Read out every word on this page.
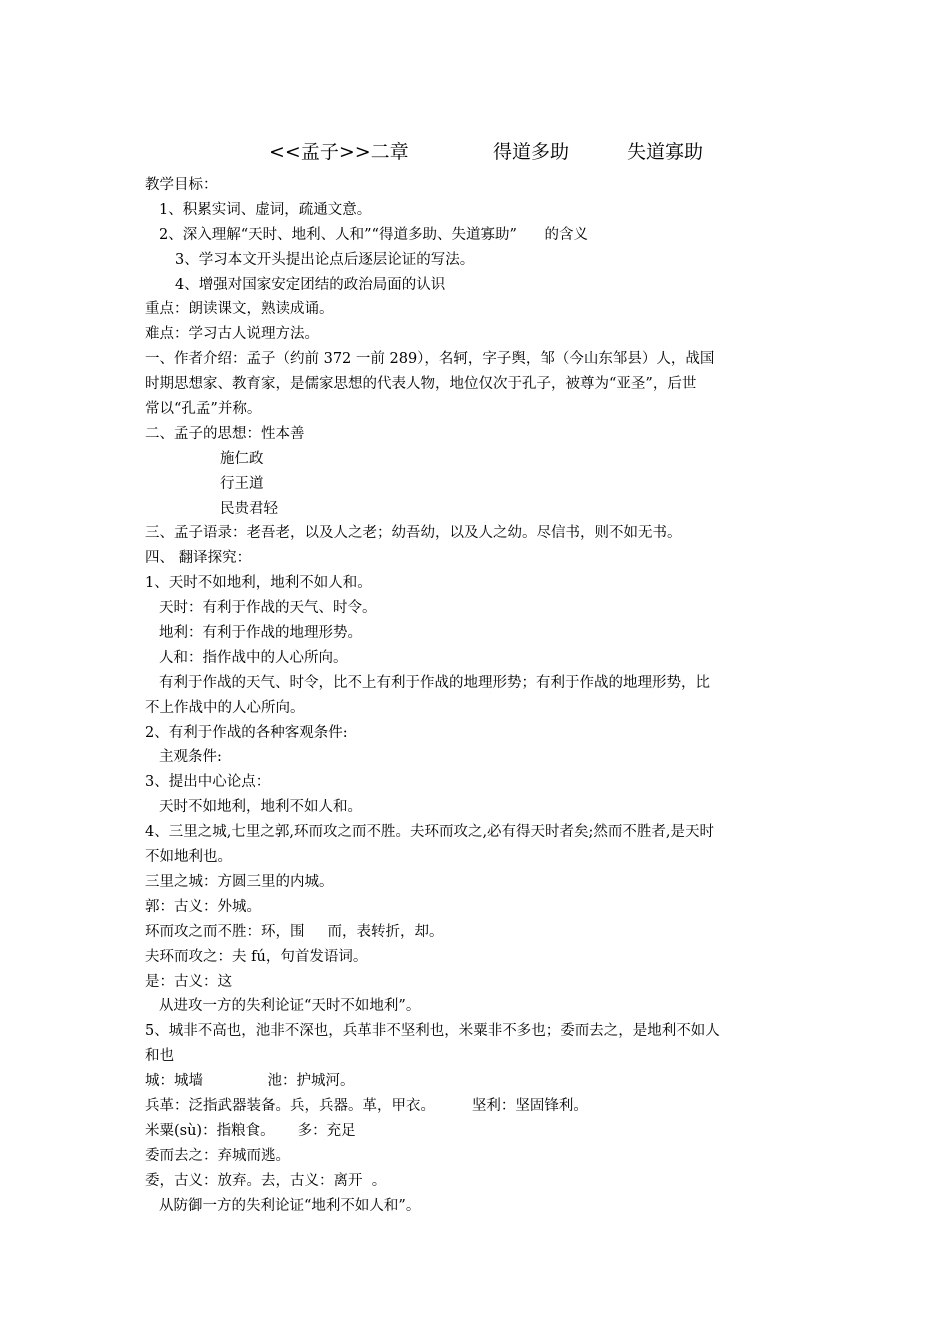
<<孟子>>二章

	得道多助

	失道寡助

教学目标：
1、积累实词、虚词，疏通文意。
2、深入理解“天时、地利、人和”“得道多助、失道寡助”      的含义
3、学习本文开头提出论点后逐层论证的写法。
4、增强对国家安定团结的政治局面的认识
重点：朗读课文，熟读成诵。
难点：学习古人说理方法。
一、作者介绍：孟子（约前 372 一前 289），名轲，字子舆，邹（今山东邹县）人，战国
时期思想家、教育家，是儒家思想的代表人物，地位仅次于孔子，被尊为“亚圣”，后世
常以“孔孟”并称。
二、孟子的思想：性本善
施仁政
行王道
民贵君轻
三、孟子语录：老吾老，以及人之老；幼吾幼，以及人之幼。尽信书，则不如无书。
四、 翻译探究：
1、天时不如地利，地利不如人和。
天时：有利于作战的天气、时令。
地利：有利于作战的地理形势。
人和：指作战中的人心所向。
有利于作战的天气、时令，比不上有利于作战的地理形势；有利于作战的地理形势，比
不上作战中的人心所向。
2、有利于作战的各种客观条件:
主观条件:
3、提出中心论点：
天时不如地利，地利不如人和。
4、三里之城,七里之郭,环而攻之而不胜。夫环而攻之,必有得天时者矣;然而不胜者,是天时
不如地利也。
三里之城：方圆三里的内城。
郭：古义：外城。
环而攻之而不胜：环，围     而，表转折，却。
夫环而攻之：夫 fú，句首发语词。
是：古义：这
从进攻一方的失利论证“天时不如地利”。
5、城非不高也，池非不深也，兵革非不坚利也，米粟非不多也；委而去之，是地利不如人
和也
城：城墙              池：护城河。
兵革：泛指武器装备。兵，兵器。革，甲衣。        坚利：坚固锋利。
米粟(sù)：指粮食。     多：充足
委而去之：弃城而逃。
委，古义：放弃。去，古义：离开  。
从防御一方的失利论证“地利不如人和”。
